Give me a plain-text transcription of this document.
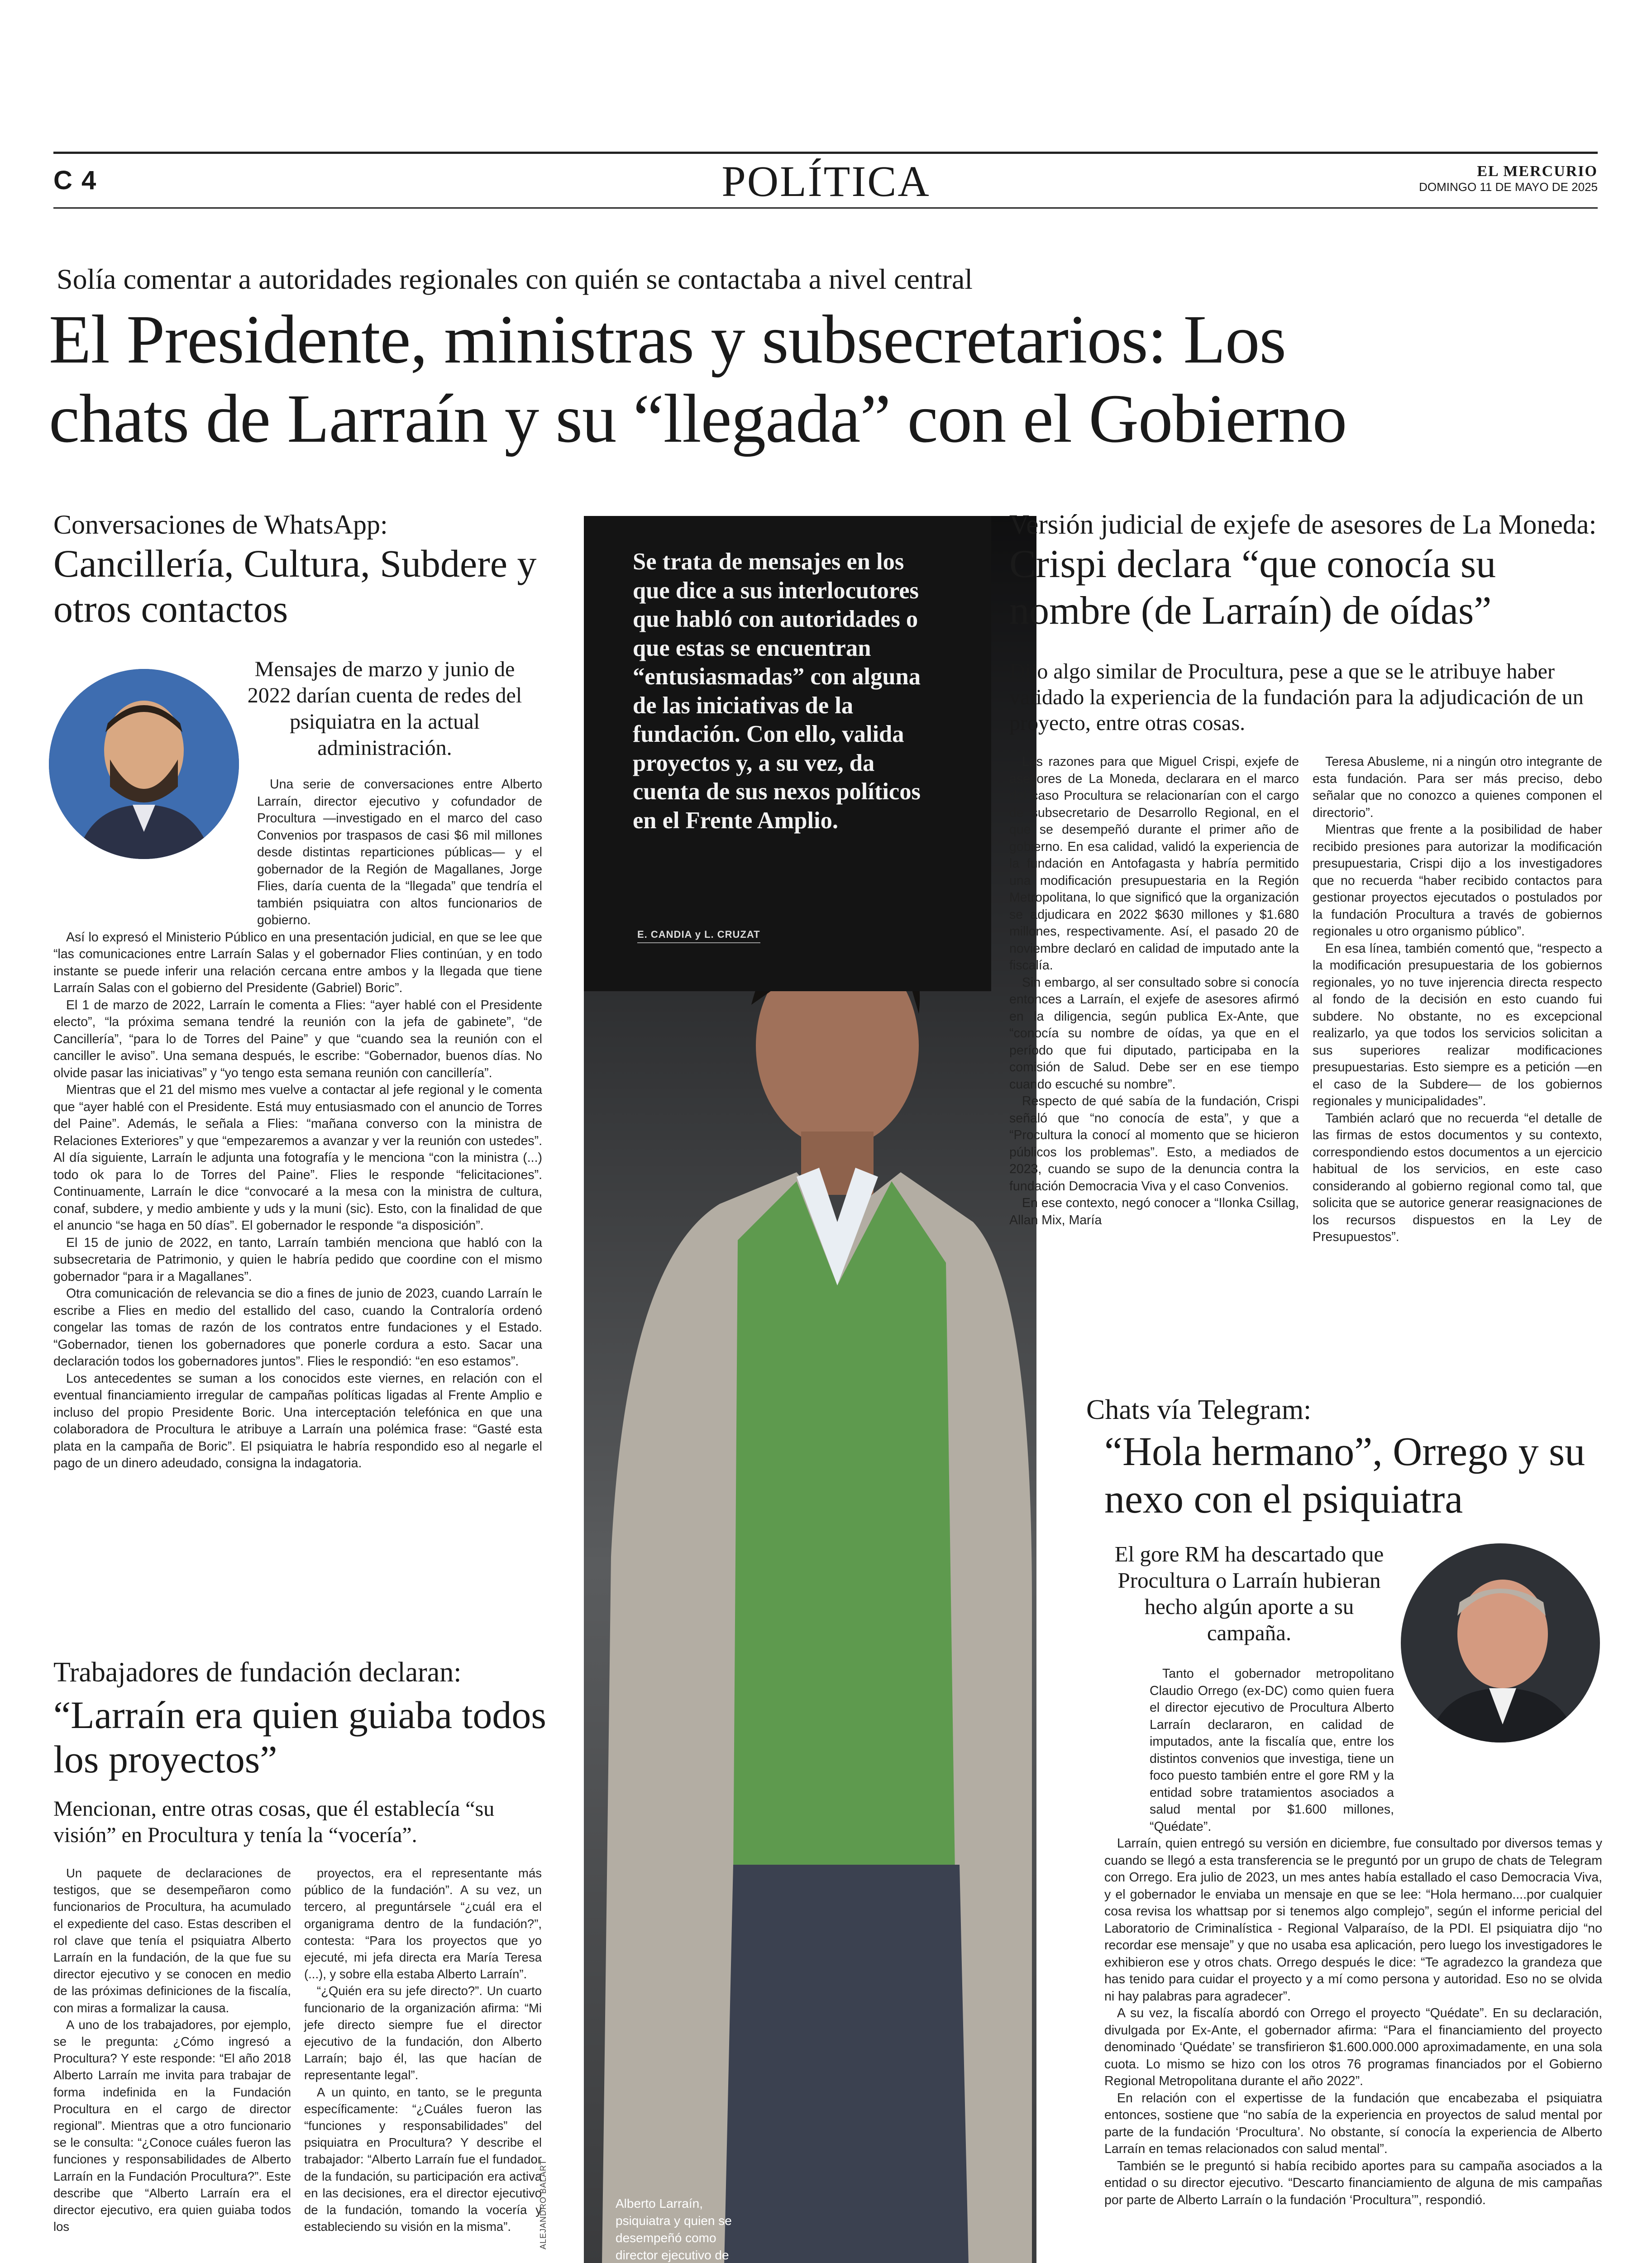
C 4	POLÍTICA	EL MERCURIO
DOMINGO 11 DE MAYO DE 2025
Solía comentar a autoridades regionales con quién se contactaba a nivel central
El Presidente, ministras y subsecretarios: Los
chats de Larraín y su “llegada” con el Gobierno
Conversaciones de WhatsApp:
Cancillería, Cultura, Subdere y otros contactos
Mensajes de marzo y junio de 2022 darían cuenta de redes del psiquiatra en la actual administración.

Una serie de conversaciones entre Alberto Larraín, director ejecutivo y cofundador de Procultura —investigado en el marco del caso Convenios por traspasos de casi $6 mil millones desde distintas reparticiones públicas— y el gobernador de la Región de Magallanes, Jorge Flies, daría cuenta de la “llegada” que tendría el también psiquiatra con altos funcionarios de gobierno.

Así lo expresó el Ministerio Público en una presentación judicial, en que se lee que “las comunicaciones entre Larraín Salas y el gobernador Flies continúan, y en todo instante se puede inferir una relación cercana entre ambos y la llegada que tiene Larraín Salas con el gobierno del Presidente (Gabriel) Boric”.

El 1 de marzo de 2022, Larraín le comenta a Flies: “ayer hablé con el Presidente electo”, “la próxima semana tendré la reunión con la jefa de gabinete”, “de Cancillería”, “para lo de Torres del Paine” y que “cuando sea la reunión con el canciller le aviso”. Una semana después, le escribe: “Gobernador, buenos días. No olvide pasar las iniciativas” y “yo tengo esta semana reunión con cancillería”.

Mientras que el 21 del mismo mes vuelve a contactar al jefe regional y le comenta que “ayer hablé con el Presidente. Está muy entusiasmado con el anuncio de Torres del Paine”. Además, le señala a Flies: “mañana converso con la ministra de Relaciones Exteriores” y que “empezaremos a avanzar y ver la reunión con ustedes”. Al día siguiente, Larraín le adjunta una fotografía y le menciona “con la ministra (...) todo ok para lo de Torres del Paine”. Flies le responde “felicitaciones”. Continuamente, Larraín le dice “convocaré a la mesa con la ministra de cultura, conaf, subdere, y medio ambiente y uds y la muni (sic). Esto, con la finalidad de que el anuncio “se haga en 50 días”. El gobernador le responde “a disposición”.

El 15 de junio de 2022, en tanto, Larraín también menciona que habló con la subsecretaria de Patrimonio, y quien le habría pedido que coordine con el mismo gobernador “para ir a Magallanes”.

Otra comunicación de relevancia se dio a fines de junio de 2023, cuando Larraín le escribe a Flies en medio del estallido del caso, cuando la Contraloría ordenó congelar las tomas de razón de los contratos entre fundaciones y el Estado. “Gobernador, tienen los gobernadores que ponerle cordura a esto. Sacar una declaración todos los gobernadores juntos”. Flies le respondió: “en eso estamos”.

Los antecedentes se suman a los conocidos este viernes, en relación con el eventual financiamiento irregular de campañas políticas ligadas al Frente Amplio e incluso del propio Presidente Boric. Una interceptación telefónica en que una colaboradora de Procultura le atribuye a Larraín una polémica frase: “Gasté esta plata en la campaña de Boric”. El psiquiatra le habría respondido eso al negarle el pago de un dinero adeudado, consigna la indagatoria.

Trabajadores de fundación declaran:
“Larraín era quien guiaba todos los proyectos”
Mencionan, entre otras cosas, que él establecía “su visión” en Procultura y tenía la “vocería”.

Un paquete de declaraciones de testigos, que se desempeñaron como funcionarios de Procultura, ha acumulado el expediente del caso. Estas describen el rol clave que tenía el psiquiatra Alberto Larraín en la fundación, de la que fue su director ejecutivo y se conocen en medio de las próximas definiciones de la fiscalía, con miras a formalizar la causa.

A uno de los trabajadores, por ejemplo, se le pregunta: ¿Cómo ingresó a Procultura? Y este responde: “El año 2018 Alberto Larraín me invita para trabajar de forma indefinida en la Fundación Procultura en el cargo de director regional”. Mientras que a otro funcionario se le consulta: “¿Conoce cuáles fueron las funciones y responsabilidades de Alberto Larraín en la Fundación Procultura?”. Este describe que “Alberto Larraín era el director ejecutivo, era quien guiaba todos los

proyectos, era el representante más público de la fundación”. A su vez, un tercero, al preguntársele “¿cuál era el organigrama dentro de la fundación?”, contesta: “Para los proyectos que yo ejecuté, mi jefa directa era María Teresa (...), y sobre ella estaba Alberto Larraín”.

“¿Quién era su jefe directo?”. Un cuarto funcionario de la organización afirma: “Mi jefe directo siempre fue el director ejecutivo de la fundación, don Alberto Larraín; bajo él, las que hacían de representante legal”.

A un quinto, en tanto, se le pregunta específicamente: “¿Cuáles fueron las “funciones y responsabilidades” del psiquiatra en Procultura? Y describe el trabajador: “Alberto Larraín fue el fundador de la fundación, su participación era activa en las decisiones, era el director ejecutivo de la fundación, tomando la vocería y estableciendo su visión en la misma”.

Se trata de mensajes en los que dice a sus interlocutores que habló con autoridades o que estas se encuentran “entusiasmadas” con alguna de las iniciativas de la fundación. Con ello, valida proyectos y, a su vez, da cuenta de sus nexos políticos en el Frente Amplio.
E. CANDIA y L. CRUZAT
Alberto Larraín, psiquiatra y quien se desempeñó como director ejecutivo de
ALEJANDRO BALART
Versión judicial de exjefe de asesores de La Moneda:
Crispi declara “que conocía su nombre (de Larraín) de oídas”
Dijo algo similar de Procultura, pese a que se le atribuye haber validado la experiencia de la fundación para la adjudicación de un proyecto, entre otras cosas.

Las razones para que Miguel Crispi, exjefe de asesores de La Moneda, declarara en el marco del caso Procultura se relacionarían con el cargo de subsecretario de Desarrollo Regional, en el que se desempeñó durante el primer año de gobierno. En esa calidad, validó la experiencia de la fundación en Antofagasta y habría permitido una modificación presupuestaria en la Región Metropolitana, lo que significó que la organización se adjudicara en 2022 $630 millones y $1.680 millones, respectivamente. Así, el pasado 20 de noviembre declaró en calidad de imputado ante la fiscalía.

Sin embargo, al ser consultado sobre si conocía entonces a Larraín, el exjefe de asesores afirmó en la diligencia, según publica Ex-Ante, que “conocía su nombre de oídas, ya que en el período que fui diputado, participaba en la comisión de Salud. Debe ser en ese tiempo cuando escuché su nombre”.

Respecto de qué sabía de la fundación, Crispi señaló que “no conocía de esta”, y que a “Procultura la conocí al momento que se hicieron públicos los problemas”. Esto, a mediados de 2023, cuando se supo de la denuncia contra la fundación Democracia Viva y el caso Convenios.

En ese contexto, negó conocer a “Ilonka Csillag, Allan Mix, María

Teresa Abusleme, ni a ningún otro integrante de esta fundación. Para ser más preciso, debo señalar que no conozco a quienes componen el directorio”.

Mientras que frente a la posibilidad de haber recibido presiones para autorizar la modificación presupuestaria, Crispi dijo a los investigadores que no recuerda “haber recibido contactos para gestionar proyectos ejecutados o postulados por la fundación Procultura a través de gobiernos regionales u otro organismo público”.

En esa línea, también comentó que, “respecto a la modificación presupuestaria de los gobiernos regionales, yo no tuve injerencia directa respecto al fondo de la decisión en esto cuando fui subdere. No obstante, no es excepcional realizarlo, ya que todos los servicios solicitan a sus superiores realizar modificaciones presupuestarias. Esto siempre es a petición —en el caso de la Subdere— de los gobiernos regionales y municipalidades”.

También aclaró que no recuerda “el detalle de las firmas de estos documentos y su contexto, correspondiendo estos documentos a un ejercicio habitual de los servicios, en este caso considerando al gobierno regional como tal, que solicita que se autorice generar reasignaciones de los recursos dispuestos en la Ley de Presupuestos”.

Chats vía Telegram:
“Hola hermano”, Orrego y su nexo con el psiquiatra
El gore RM ha descartado que Procultura o Larraín hubieran hecho algún aporte a su campaña.

Tanto el gobernador metropolitano Claudio Orrego (ex-DC) como quien fuera el director ejecutivo de Procultura Alberto Larraín declararon, en calidad de imputados, ante la fiscalía que, entre los distintos convenios que investiga, tiene un foco puesto también entre el gore RM y la entidad sobre tratamientos asociados a salud mental por $1.600 millones, “Quédate”.

Larraín, quien entregó su versión en diciembre, fue consultado por diversos temas y cuando se llegó a esta transferencia se le preguntó por un grupo de chats de Telegram con Orrego. Era julio de 2023, un mes antes había estallado el caso Democracia Viva, y el gobernador le enviaba un mensaje en que se lee: “Hola hermano....por cualquier cosa revisa los whattsap por si tenemos algo complejo”, según el informe pericial del Laboratorio de Criminalística - Regional Valparaíso, de la PDI. El psiquiatra dijo “no recordar ese mensaje” y que no usaba esa aplicación, pero luego los investigadores le exhibieron ese y otros chats. Orrego después le dice: “Te agradezco la grandeza que has tenido para cuidar el proyecto y a mí como persona y autoridad. Eso no se olvida ni hay palabras para agradecer”.

A su vez, la fiscalía abordó con Orrego el proyecto “Quédate”. En su declaración, divulgada por Ex-Ante, el gobernador afirma: “Para el financiamiento del proyecto denominado ‘Quédate’ se transfirieron $1.600.000.000 aproximadamente, en una sola cuota. Lo mismo se hizo con los otros 76 programas financiados por el Gobierno Regional Metropolitana durante el año 2022”.

En relación con el expertisse de la fundación que encabezaba el psiquiatra entonces, sostiene que “no sabía de la experiencia en proyectos de salud mental por parte de la fundación ‘Procultura’. No obstante, sí conocía la experiencia de Alberto Larraín en temas relacionados con salud mental”.

También se le preguntó si había recibido aportes para su campaña asociados a la entidad o su director ejecutivo. “Descarto financiamiento de alguna de mis campañas por parte de Alberto Larraín o la fundación ‘Procultura’”, respondió.
